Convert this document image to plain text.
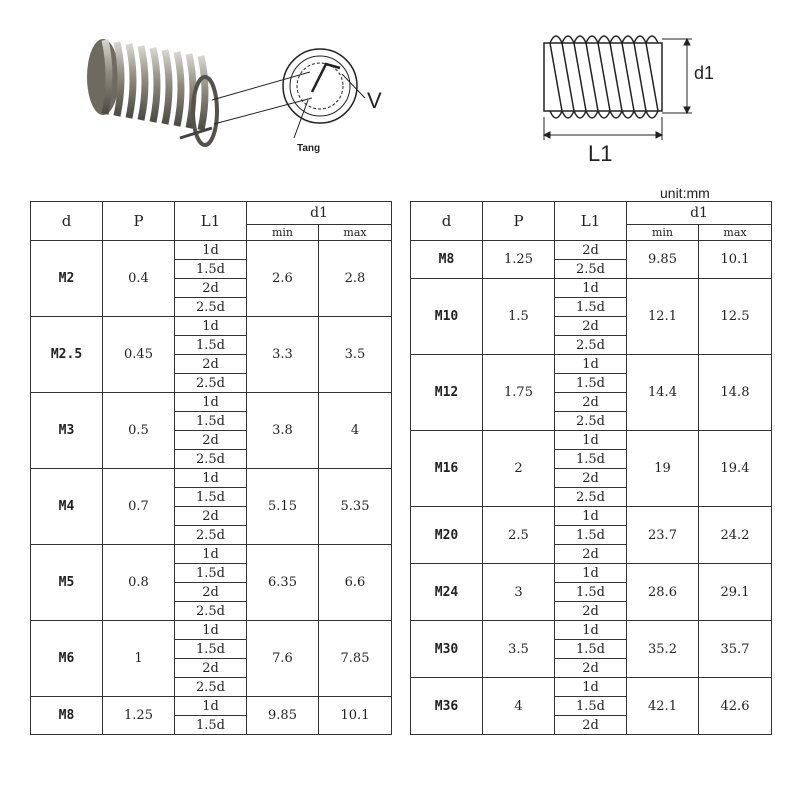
V
Tang
d1
L1
unit:mm
d	P	L1	d1	
			min	max
M2	0.4	1d	2.6	2.8
		1.5d		
		2d		
		2.5d		
M2.5	0.45	1d	3.3	3.5
		1.5d		
		2d		
		2.5d		
M3	0.5	1d	3.8	4
		1.5d		
		2d		
		2.5d		
M4	0.7	1d	5.15	5.35
		1.5d		
		2d		
		2.5d		
M5	0.8	1d	6.35	6.6
		1.5d		
		2d		
		2.5d		
M6	1	1d	7.6	7.85
		1.5d		
		2d		
		2.5d		
M8	1.25	1d	9.85	10.1
		1.5d		
d	P	L1	d1	
			min	max
M8	1.25	2d	9.85	10.1
		2.5d		
M10	1.5	1d	12.1	12.5
		1.5d		
		2d		
		2.5d		
M12	1.75	1d	14.4	14.8
		1.5d		
		2d		
		2.5d		
M16	2	1d	19	19.4
		1.5d		
		2d		
		2.5d		
M20	2.5	1d	23.7	24.2
		1.5d		
		2d		
M24	3	1d	28.6	29.1
		1.5d		
		2d		
M30	3.5	1d	35.2	35.7
		1.5d		
		2d		
M36	4	1d	42.1	42.6
		1.5d		
		2d		
